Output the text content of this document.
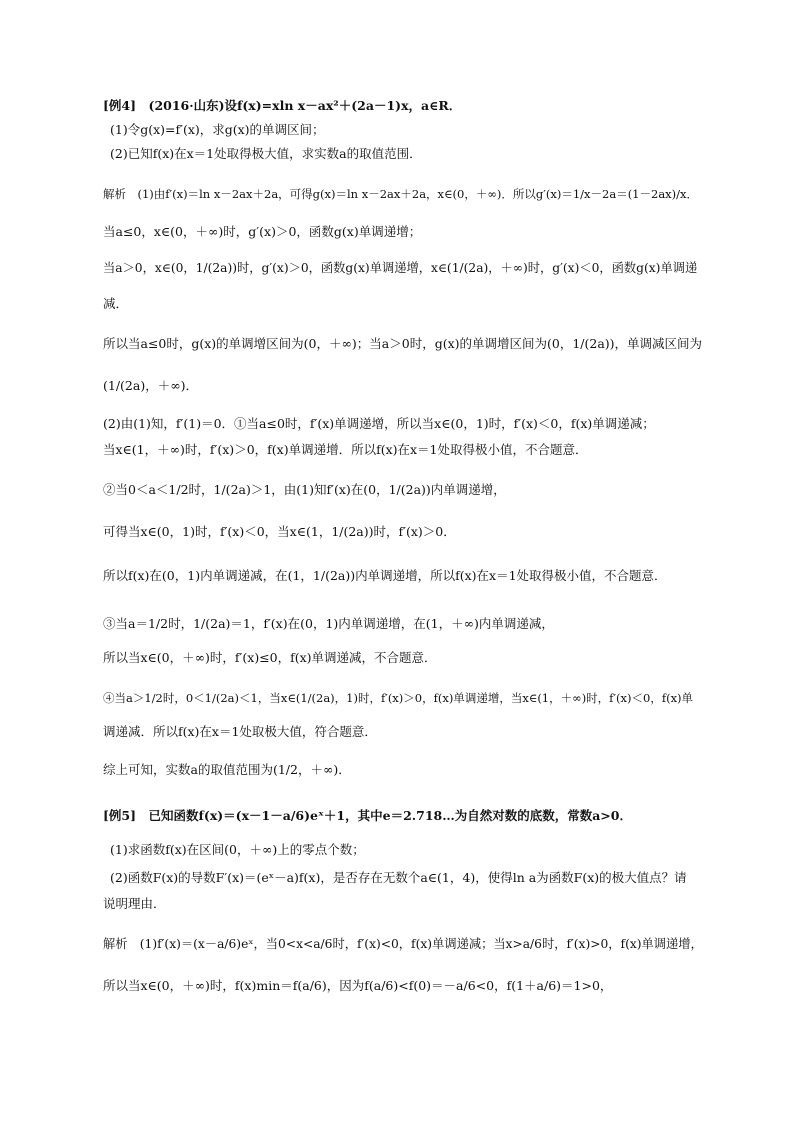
[例4]　(2016·山东)设f(x)=xln x－ax²＋(2a－1)x，a∈R．
(1)令g(x)=f′(x)，求g(x)的单调区间；
(2)已知f(x)在x＝1处取得极大值，求实数a的取值范围．
解析　(1)由f′(x)＝ln x－2ax＋2a，可得g(x)＝ln x－2ax＋2a，x∈(0，＋∞)．所以g′(x)＝1/x－2a＝(1－2ax)/x．
当a≤0，x∈(0，＋∞)时，g′(x)＞0，函数g(x)单调递增；
当a＞0，x∈(0，1/(2a))时，g′(x)＞0，函数g(x)单调递增，x∈(1/(2a)，＋∞)时，g′(x)＜0，函数g(x)单调递
减．
所以当a≤0时，g(x)的单调增区间为(0，＋∞)；当a＞0时，g(x)的单调增区间为(0，1/(2a))，单调减区间为
(1/(2a)，＋∞)．
(2)由(1)知，f′(1)＝0．①当a≤0时，f′(x)单调递增，所以当x∈(0，1)时，f′(x)＜0，f(x)单调递减；
当x∈(1，＋∞)时，f′(x)＞0，f(x)单调递增．所以f(x)在x＝1处取得极小值，不合题意．
②当0＜a＜1/2时，1/(2a)＞1，由(1)知f′(x)在(0，1/(2a))内单调递增，
可得当x∈(0，1)时，f′(x)＜0，当x∈(1，1/(2a))时，f′(x)＞0．
所以f(x)在(0，1)内单调递减，在(1，1/(2a))内单调递增，所以f(x)在x＝1处取得极小值，不合题意．
③当a＝1/2时，1/(2a)＝1，f′(x)在(0，1)内单调递增，在(1，＋∞)内单调递减，
所以当x∈(0，＋∞)时，f′(x)≤0，f(x)单调递减，不合题意．
④当a＞1/2时，0＜1/(2a)＜1，当x∈(1/(2a)，1)时，f′(x)＞0，f(x)单调递增，当x∈(1，＋∞)时，f′(x)＜0，f(x)单
调递减．所以f(x)在x＝1处取极大值，符合题意．
综上可知，实数a的取值范围为(1/2，＋∞)．
[例5]　已知函数f(x)＝(x－1－a/6)eˣ＋1，其中e＝2.718…为自然对数的底数，常数a>0．
(1)求函数f(x)在区间(0，＋∞)上的零点个数；
(2)函数F(x)的导数F′(x)＝(eˣ－a)f(x)，是否存在无数个a∈(1，4)，使得ln a为函数F(x)的极大值点？请
说明理由．
解析　(1)f′(x)＝(x－a/6)eˣ，当0<x<a/6时，f′(x)<0，f(x)单调递减；当x>a/6时，f′(x)>0，f(x)单调递增，
所以当x∈(0，＋∞)时，f(x)min＝f(a/6)，因为f(a/6)<f(0)＝－a/6<0，f(1＋a/6)＝1>0，
